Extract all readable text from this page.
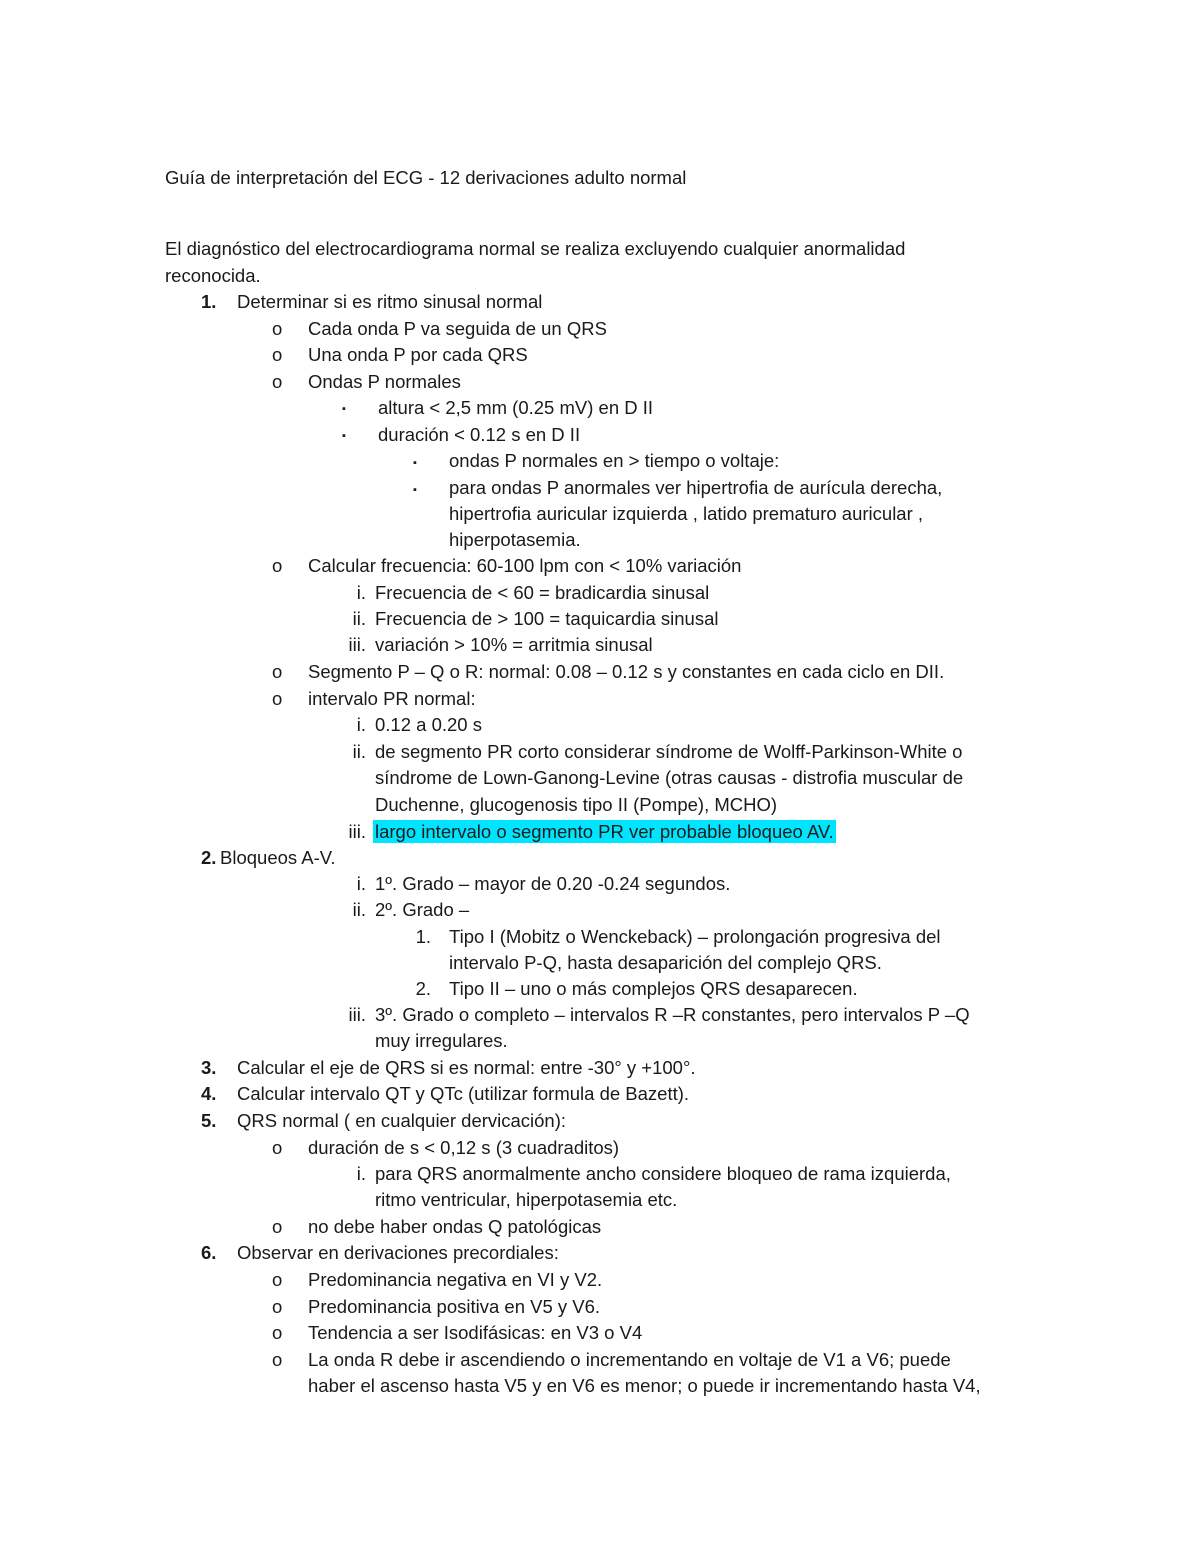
Guía de interpretación del ECG - 12 derivaciones adulto normal
El diagnóstico del electrocardiograma normal se realiza excluyendo cualquier anormalidad
reconocida.
1. Determinar si es ritmo sinusal normal
o Cada onda P va seguida de un QRS
o Una onda P por cada QRS
o Ondas P normales
▪ altura < 2,5 mm (0.25 mV) en D II
▪ duración < 0.12 s en D II
▪ ondas P normales en > tiempo o voltaje:
▪ para ondas P anormales ver hipertrofia de aurícula derecha,
hipertrofia auricular izquierda , latido prematuro auricular ,
hiperpotasemia.
o Calcular frecuencia: 60-100 lpm con < 10% variación
i. Frecuencia de < 60 = bradicardia sinusal
ii. Frecuencia de > 100 = taquicardia sinusal
iii. variación > 10% = arritmia sinusal
o Segmento P – Q o R: normal: 0.08 – 0.12 s y constantes en cada ciclo en DII.
o intervalo PR normal:
i. 0.12 a 0.20 s
ii. de segmento PR corto considerar síndrome de Wolff-Parkinson-White o
síndrome de Lown-Ganong-Levine (otras causas - distrofia muscular de
Duchenne, glucogenosis tipo II (Pompe), MCHO)
iii. largo intervalo o segmento PR ver probable bloqueo AV.
2. Bloqueos A-V.
i. 1º. Grado – mayor de 0.20 -0.24 segundos.
ii. 2º. Grado –
1. Tipo I (Mobitz o Wenckeback) – prolongación progresiva del
intervalo P-Q, hasta desaparición del complejo QRS.
2. Tipo II – uno o más complejos QRS desaparecen.
iii. 3º. Grado o completo – intervalos R –R constantes, pero intervalos P –Q
muy irregulares.
3. Calcular el eje de QRS si es normal: entre -30° y +100°.
4. Calcular intervalo QT y QTc (utilizar formula de Bazett).
5. QRS normal ( en cualquier dervicación):
o duración de s < 0,12 s (3 cuadraditos)
i. para QRS anormalmente ancho considere bloqueo de rama izquierda,
ritmo ventricular, hiperpotasemia etc.
o no debe haber ondas Q patológicas
6. Observar en derivaciones precordiales:
o Predominancia negativa en VI y V2.
o Predominancia positiva en V5 y V6.
o Tendencia a ser Isodifásicas: en V3 o V4
o La onda R debe ir ascendiendo o incrementando en voltaje de V1 a V6; puede
haber el ascenso hasta V5 y en V6 es menor; o puede ir incrementando hasta V4,
